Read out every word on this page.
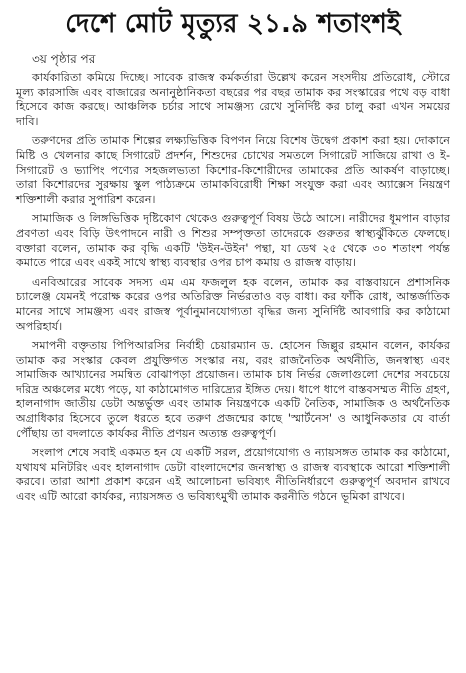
দেশে মোট মৃত্যুর ২১.৯ শতাংশই
৩য় পৃষ্ঠার পর

কার্যকারিতা কমিয়ে দিচ্ছে। সাবেক রাজস্ব কর্মকর্তারা উল্লেখ করেন সংসদীয় প্রতিরোধ, স্টোরে মূল্য কারসাজি এবং বাজারের অনানুষ্ঠানিকতা বছরের পর বছর তামাক কর সংস্কারের পথে বড় বাধা হিসেবে কাজ করছে। আঞ্চলিক চর্চার সাথে সামঞ্জস্য রেখে সুনির্দিষ্ট কর চালু করা এখন সময়ের দাবি।

তরুণদের প্রতি তামাক শিল্পের লক্ষ্যভিত্তিক বিপণন নিয়ে বিশেষ উদ্বেগ প্রকাশ করা হয়। দোকানে মিষ্টি ও খেলনার কাছে সিগারেট প্রদর্শন, শিশুদের চোখের সমতলে সিগারেট সাজিয়ে রাখা ও ই-সিগারেট ও ভ্যাপিং পণ্যের সহজলভ্যতা কিশোর-কিশোরীদের তামাকের প্রতি আকর্ষণ বাড়াচ্ছে। তারা কিশোরদের সুরক্ষায় স্কুল পাঠ্যক্রমে তামাকবিরোধী শিক্ষা সংযুক্ত করা এবং অ্যাক্সেস নিয়ন্ত্রণ শক্তিশালী করার সুপারিশ করেন।

সামাজিক ও লিঙ্গভিত্তিক দৃষ্টিকোণ থেকেও গুরুত্বপূর্ণ বিষয় উঠে আসে। নারীদের ধূমপান বাড়ার প্রবণতা এবং বিড়ি উৎপাদনে নারী ও শিশুর সম্পৃক্ততা তাদেরকে গুরুতর স্বাস্থ্যঝুঁকিতে ফেলছে। বক্তারা বলেন, তামাক কর বৃদ্ধি একটি 'উইন-উইন' পন্থা, যা ডেথ ২৫ থেকে ৩০ শতাংশ পর্যন্ত কমাতে পারে এবং একই সাথে স্বাস্থ্য ব্যবস্থার ওপর চাপ কমায় ও রাজস্ব বাড়ায়।

এনবিআরের সাবেক সদস্য এম এম ফজলুল হক বলেন, তামাক কর বাস্তবায়নে প্রশাসনিক চ্যালেঞ্জ যেমনই পরোক্ষ করের ওপর অতিরিক্ত নির্ভরতাও বড় বাধা। কর ফাঁকি রোধ, আন্তর্জাতিক মানের সাথে সামঞ্জস্য এবং রাজস্ব পূর্বানুমানযোগ্যতা বৃদ্ধির জন্য সুনির্দিষ্ট আবগারি কর কাঠামো অপরিহার্য।

সমাপনী বক্তৃতায় পিপিআরসির নির্বাহী চেয়ারম্যান ড. হোসেন জিল্লুর রহমান বলেন, কার্যকর তামাক কর সংস্কার কেবল প্রযুক্তিগত সংস্কার নয়, বরং রাজনৈতিক অর্থনীতি, জনস্বাস্থ্য এবং সামাজিক আখ্যানের সমন্বিত বোঝাপড়া প্রয়োজন। তামাক চাষ নির্ভর জেলাগুলো দেশের সবচেয়ে দরিদ্র অঞ্চলের মধ্যে পড়ে, যা কাঠামোগত দারিদ্র্যের ইঙ্গিত দেয়। ধাপে ধাপে বাস্তবসম্মত নীতি গ্রহণ, হালনাগাদ জাতীয় ডেটা অন্তর্ভুক্ত এবং তামাক নিয়ন্ত্রণকে একটি নৈতিক, সামাজিক ও অর্থনৈতিক অগ্রাধিকার হিসেবে তুলে ধরতে হবে তরুণ প্রজন্মের কাছে 'স্মার্টনেস' ও আধুনিকতার যে বার্তা পৌঁছায় তা বদলাতে কার্যকর নীতি প্রণয়ন অত্যন্ত গুরুত্বপূর্ণ।

সংলাপ শেষে সবাই একমত হন যে একটি সরল, প্রয়োগযোগ্য ও ন্যায়সঙ্গত তামাক কর কাঠামো, যথাযথ মনিটরিং এবং হালনাগাদ ডেটা বাংলাদেশের জনস্বাস্থ্য ও রাজস্ব ব্যবস্থাকে আরো শক্তিশালী করবে। তারা আশা প্রকাশ করেন এই আলোচনা ভবিষ্যৎ নীতিনির্ধারণে গুরুত্বপূর্ণ অবদান রাখবে এবং এটি আরো কার্যকর, ন্যায়সঙ্গত ও ভবিষ্যৎমুখী তামাক করনীতি গঠনে ভূমিকা রাখবে।
